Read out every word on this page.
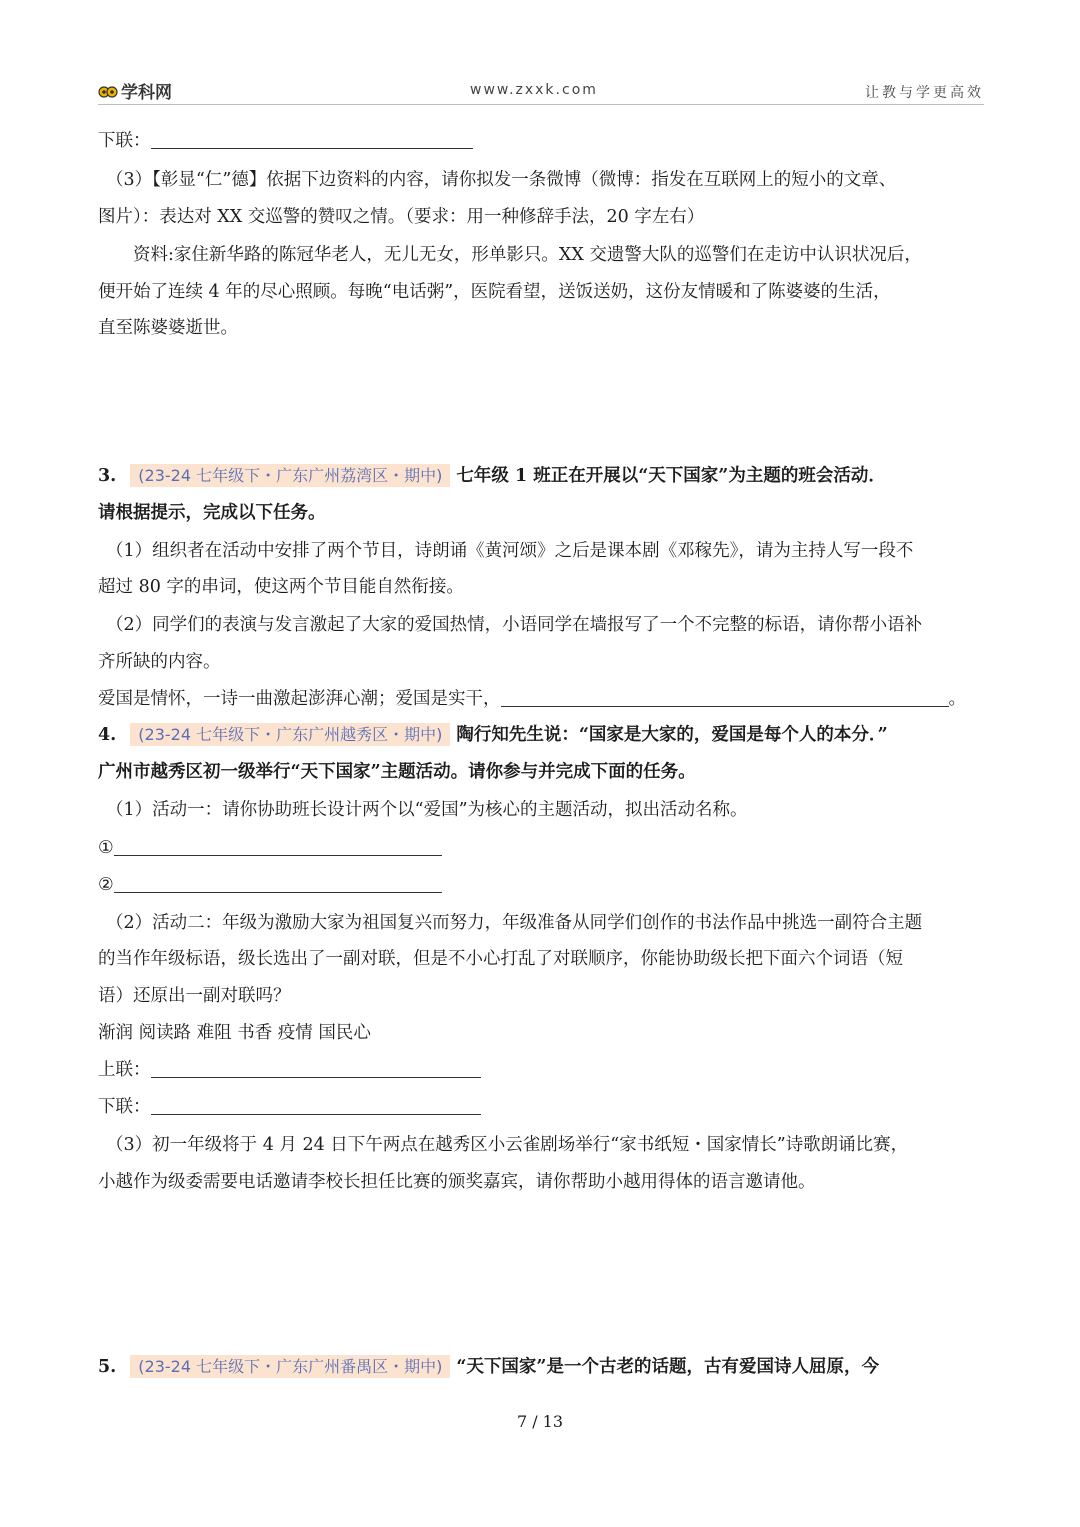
学科网	www.zxxk.com	让教与学更高效
下联：
（3）【彰显“仁”德】依据下边资料的内容，请你拟发一条微博（微博：指发在互联网上的短小的文章、
图片）：表达对 XX 交巡警的赞叹之情。（要求：用一种修辞手法，20 字左右）
资料:家住新华路的陈冠华老人，无儿无女，形单影只。XX 交遗警大队的巡警们在走访中认识状况后，
便开始了连续 4 年的尽心照顾。每晚“电话粥”，医院看望，送饭送奶，这份友情暖和了陈婆婆的生活，
直至陈婆婆逝世。
3. (23-24 七年级下・广东广州荔湾区・期中) 七年级 1 班正在开展以“天下国家”为主题的班会活动．
请根据提示，完成以下任务。
（1）组织者在活动中安排了两个节目，诗朗诵《黄河颂》之后是课本剧《邓稼先》，请为主持人写一段不
超过 80 字的串词，使这两个节目能自然衔接。
（2）同学们的表演与发言激起了大家的爱国热情，小语同学在墙报写了一个不完整的标语，请你帮小语补
齐所缺的内容。
爱国是情怀，一诗一曲激起澎湃心潮；爱国是实干，	。
4. (23-24 七年级下・广东广州越秀区・期中) 陶行知先生说：“国家是大家的，爱国是每个人的本分．”
广州市越秀区初一级举行“天下国家”主题活动。请你参与并完成下面的任务。
（1）活动一：请你协助班长设计两个以“爱国”为核心的主题活动，拟出活动名称。
①
②
（2）活动二：年级为激励大家为祖国复兴而努力，年级准备从同学们创作的书法作品中挑选一副符合主题
的当作年级标语，级长选出了一副对联，但是不小心打乱了对联顺序，你能协助级长把下面六个词语（短
语）还原出一副对联吗？
渐润 阅读路 难阻 书香 疫情 国民心
上联：
下联：
（3）初一年级将于 4 月 24 日下午两点在越秀区小云雀剧场举行“家书纸短・国家情长”诗歌朗诵比赛，
小越作为级委需要电话邀请李校长担任比赛的颁奖嘉宾，请你帮助小越用得体的语言邀请他。
5. (23-24 七年级下・广东广州番禺区・期中) “天下国家”是一个古老的话题，古有爱国诗人屈原，今
7 / 13
